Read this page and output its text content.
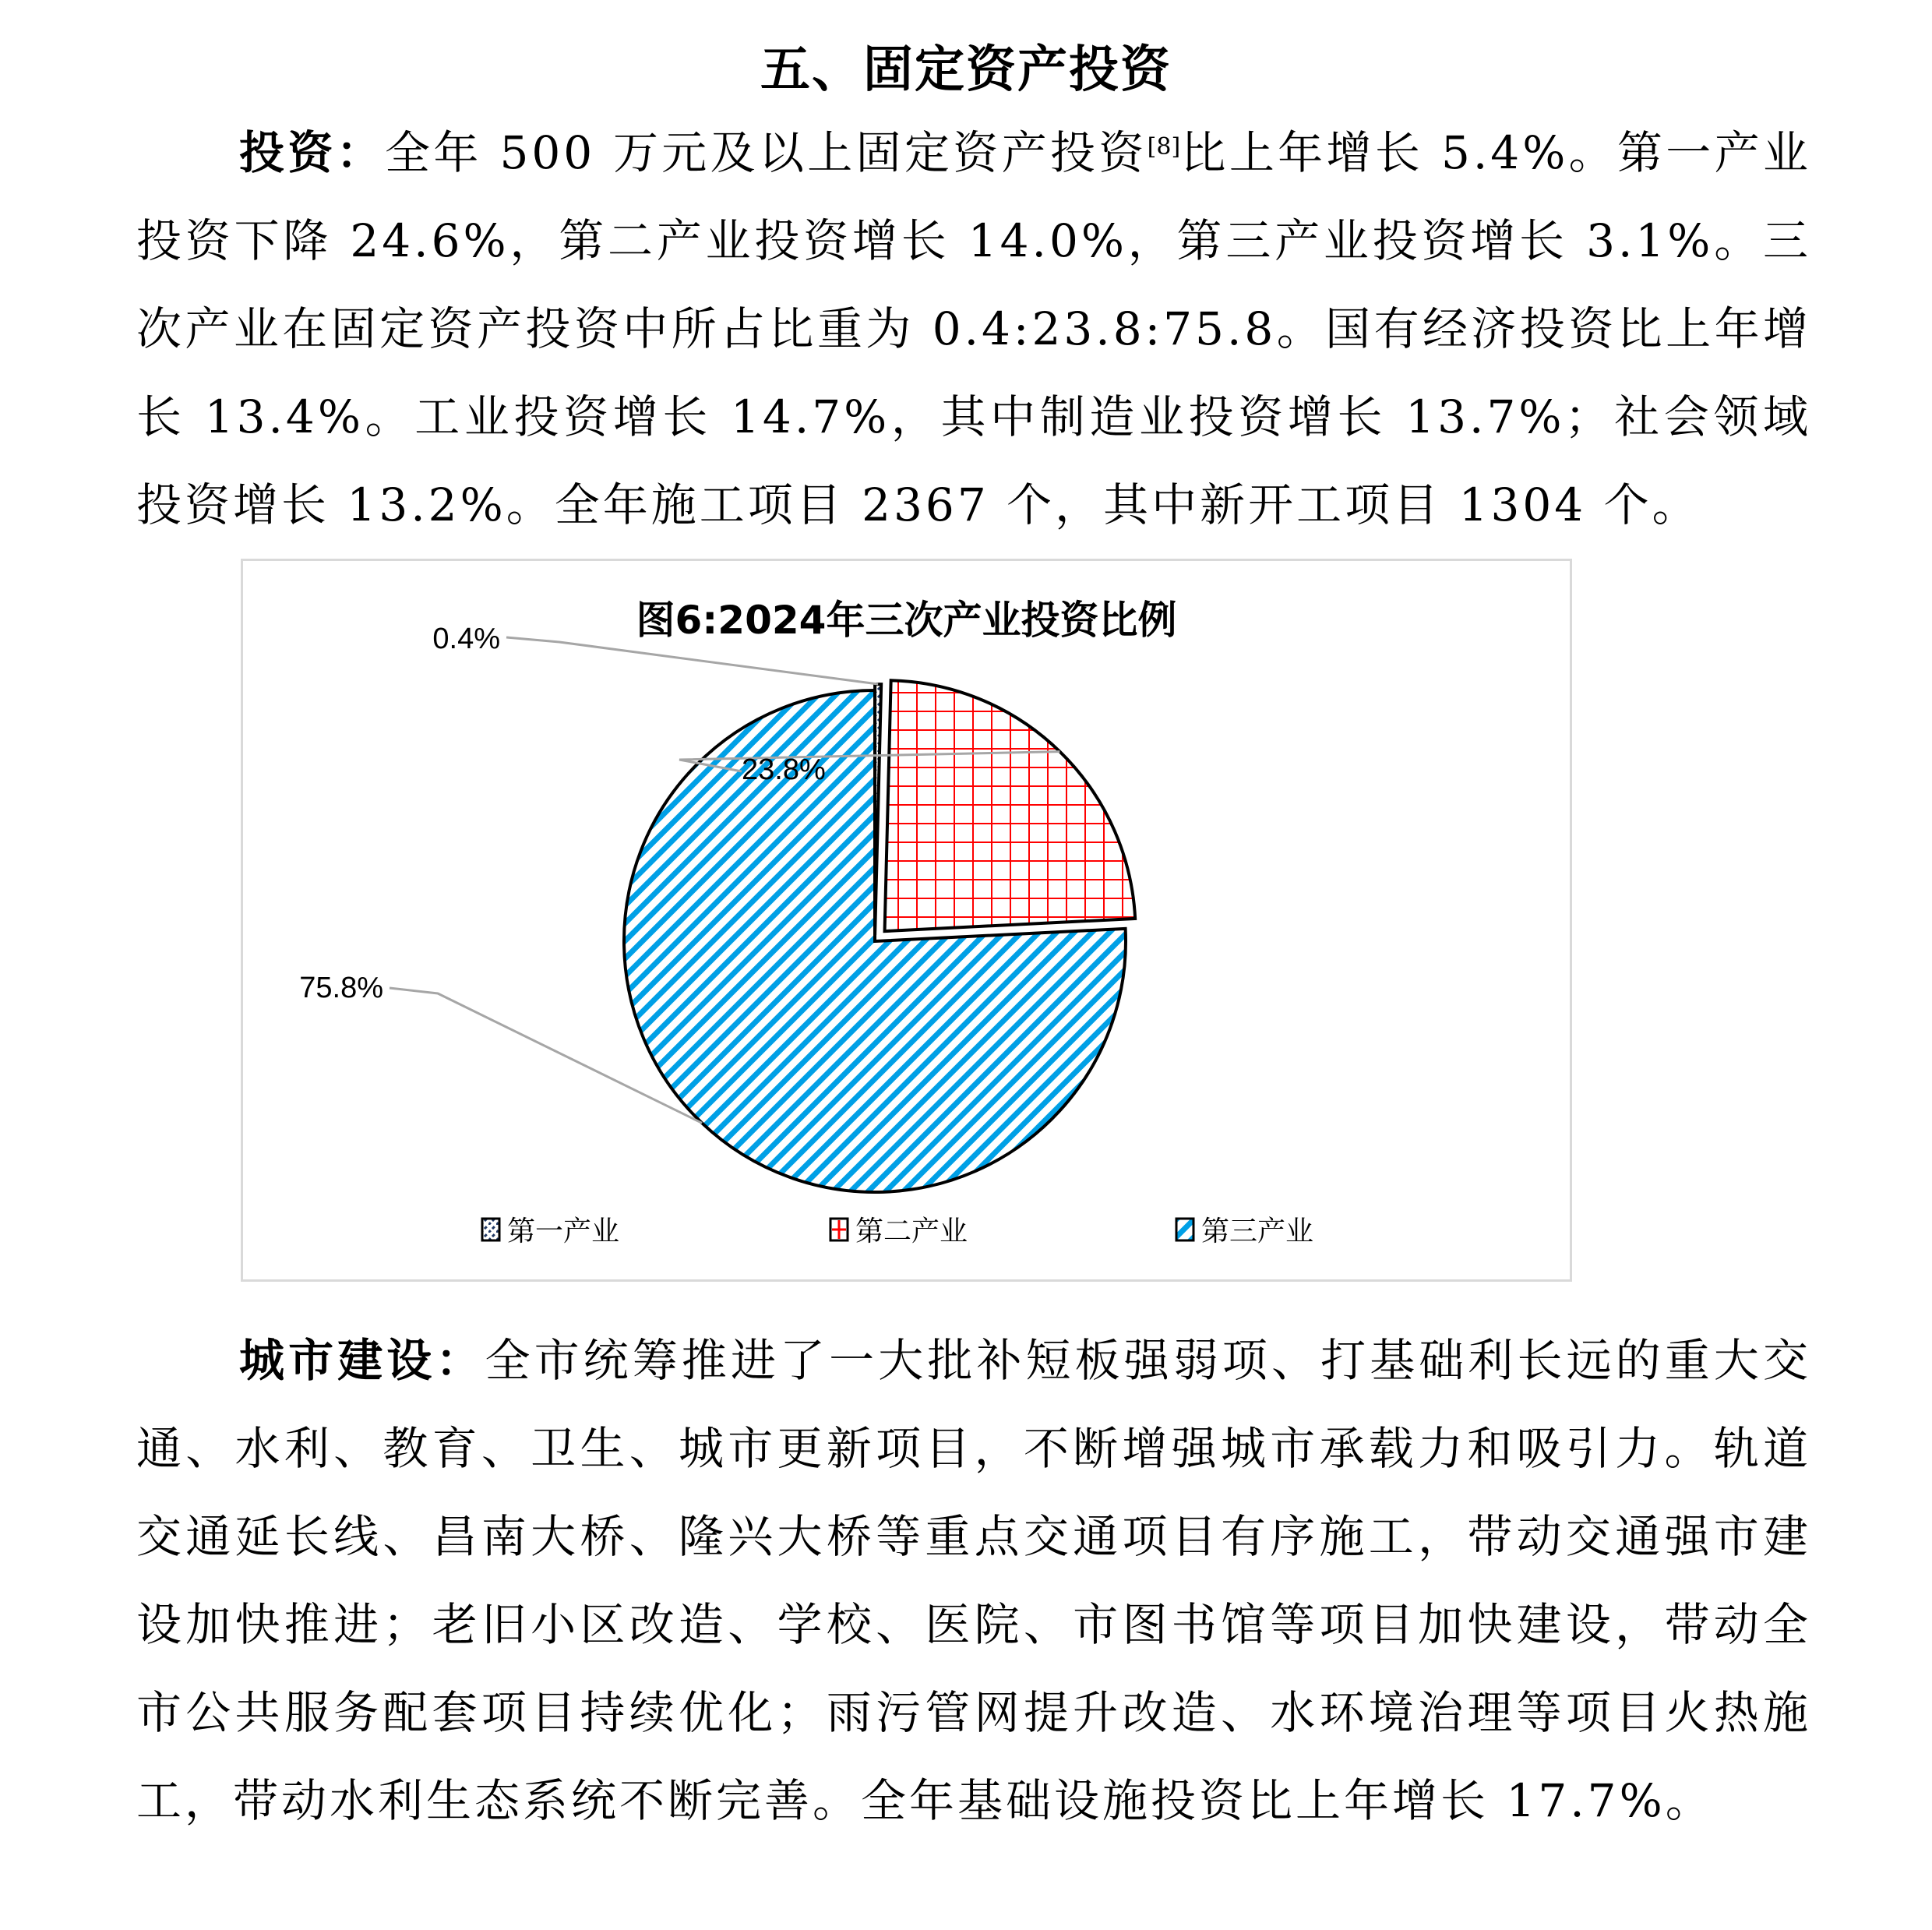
五、固定资产投资
投资：全年 500 万元及以上固定资产投资[8]比上年增长 5.4%。第一产业投资下降 24.6%，第二产业投资增长 14.0%，第三产业投资增长 3.1%。三次产业在固定资产投资中所占比重为 0.4:23.8:75.8。国有经济投资比上年增长 13.4%。工业投资增长 14.7%，其中制造业投资增长 13.7%；社会领域投资增长 13.2%。全年施工项目 2367 个，其中新开工项目 1304 个。
图6:2024年三次产业投资比例
0.4%
23.8%
75.8%
第一产业	第二产业	第三产业
城市建设：全市统筹推进了一大批补短板强弱项、打基础利长远的重大交通、水利、教育、卫生、城市更新项目，不断增强城市承载力和吸引力。轨道交通延长线、昌南大桥、隆兴大桥等重点交通项目有序施工，带动交通强市建设加快推进；老旧小区改造、学校、医院、市图书馆等项目加快建设，带动全市公共服务配套项目持续优化；雨污管网提升改造、水环境治理等项目火热施工，带动水利生态系统不断完善。全年基础设施投资比上年增长 17.7%。
